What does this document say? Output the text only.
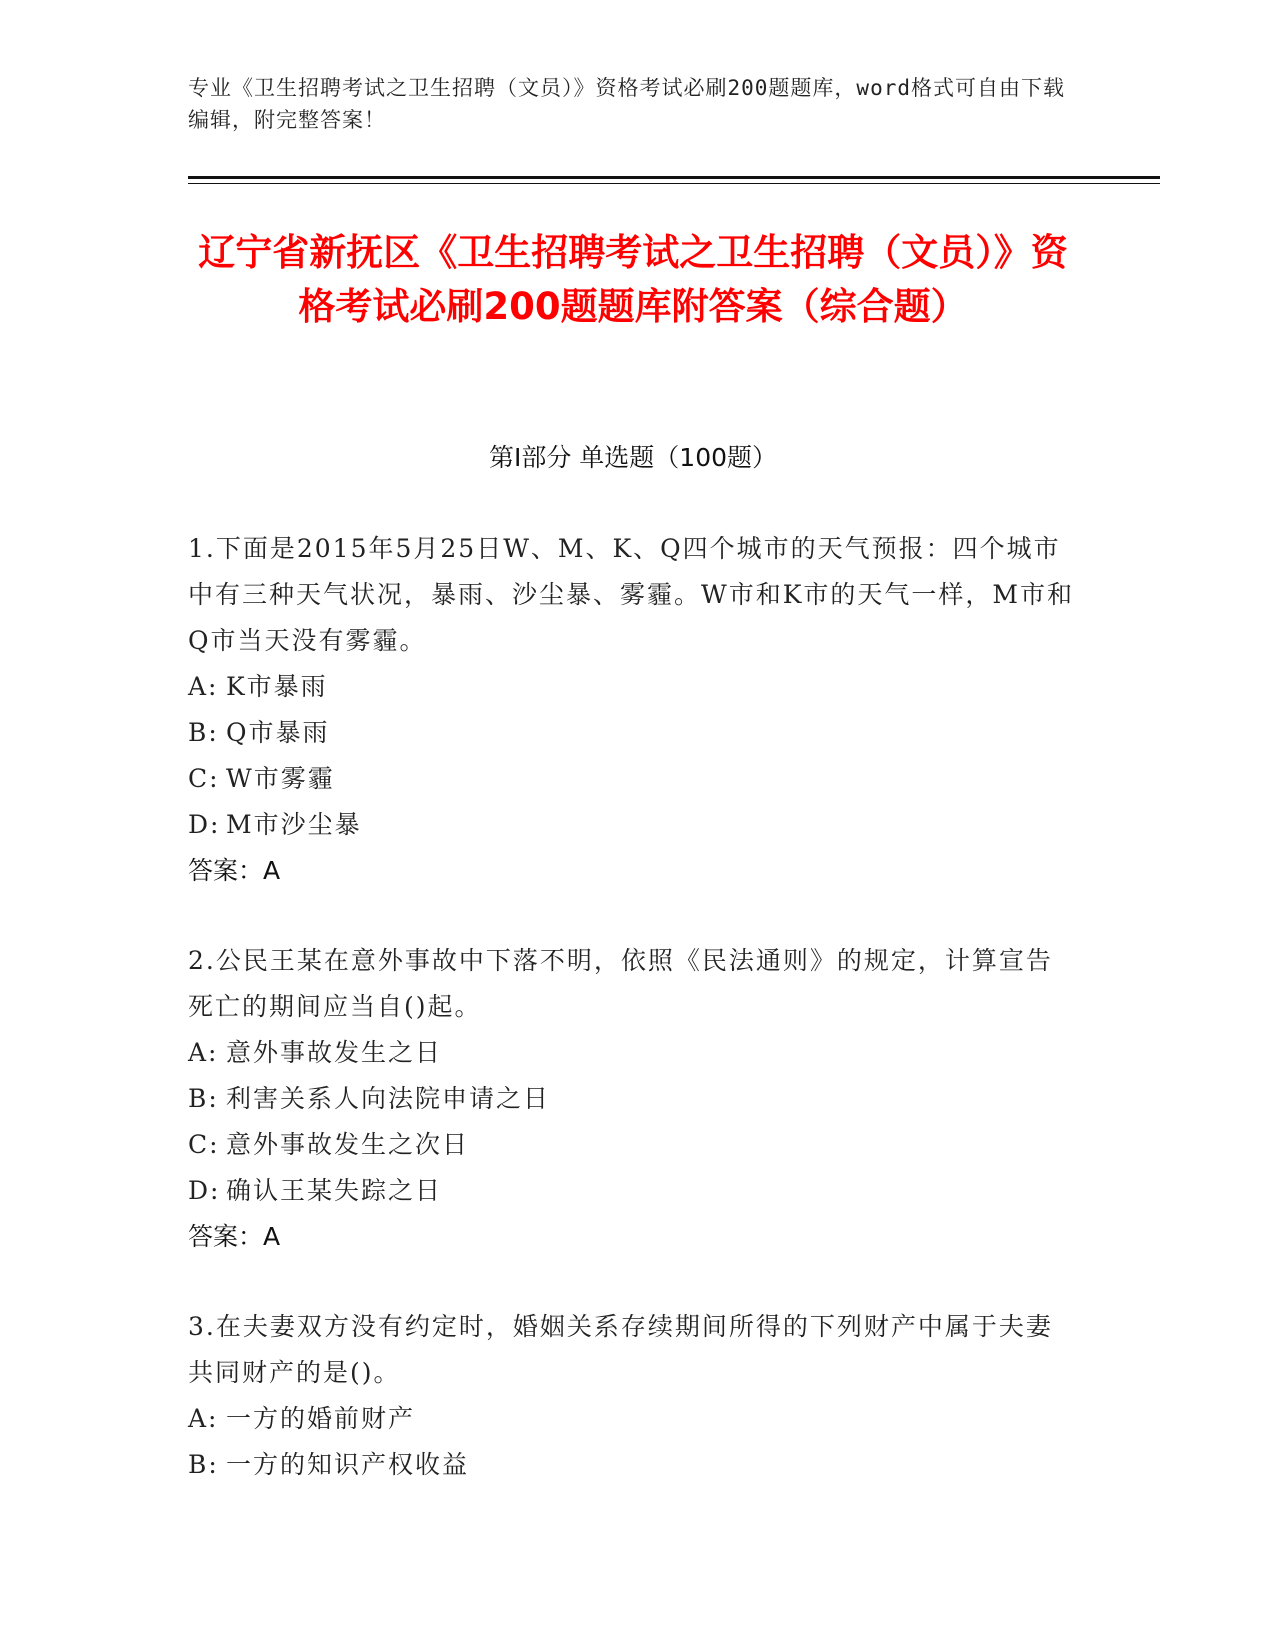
专业《卫生招聘考试之卫生招聘（文员）》资格考试必刷200题题库，word格式可自由下载编辑，附完整答案！
辽宁省新抚区《卫生招聘考试之卫生招聘（文员）》资格考试必刷200题题库附答案（综合题）
第I部分 单选题（100题）

1.下面是2015年5月25日W、M、K、Q四个城市的天气预报：四个城市中有三种天气状况，暴雨、沙尘暴、雾霾。W市和K市的天气一样，M市和Q市当天没有雾霾。

A: K市暴雨
B: Q市暴雨
C: W市雾霾
D: M市沙尘暴
答案：A

2.公民王某在意外事故中下落不明，依照《民法通则》的规定，计算宣告死亡的期间应当自()起。

A: 意外事故发生之日
B: 利害关系人向法院申请之日
C: 意外事故发生之次日
D: 确认王某失踪之日
答案：A

3.在夫妻双方没有约定时，婚姻关系存续期间所得的下列财产中属于夫妻共同财产的是()。

A: 一方的婚前财产
B: 一方的知识产权收益
